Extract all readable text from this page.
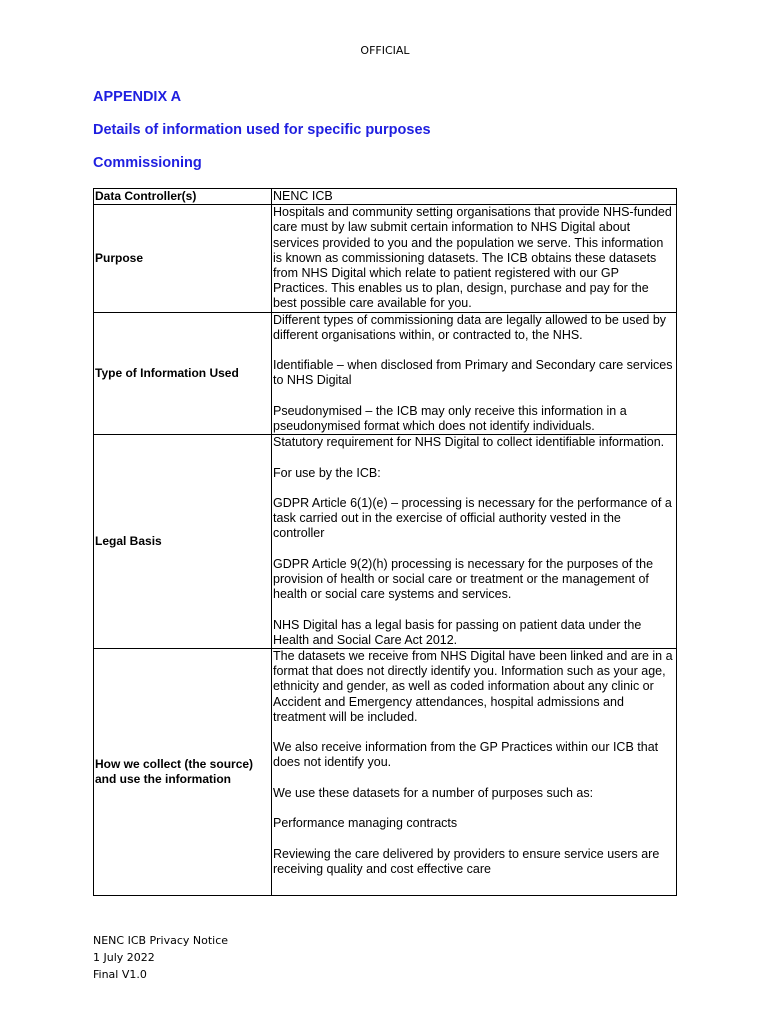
OFFICIAL
APPENDIX A
Details of information used for specific purposes
Commissioning
Data Controller(s)	NENC ICB
Purpose	Hospitals and community setting organisations that provide NHS-funded care must by law submit certain information to NHS Digital about services provided to you and the population we serve. This information is known as commissioning datasets. The ICB obtains these datasets from NHS Digital which relate to patient registered with our GP Practices. This enables us to plan, design, purchase and pay for the best possible care available for you.
Type of Information Used	Different types of commissioning data are legally allowed to be used by different organisations within, or contracted to, the NHS.

Identifiable – when disclosed from Primary and Secondary care services to NHS Digital

Pseudonymised – the ICB may only receive this information in a pseudonymised format which does not identify individuals.

Legal Basis	Statutory requirement for NHS Digital to collect identifiable information.

For use by the ICB:

GDPR Article 6(1)(e) – processing is necessary for the performance of a task carried out in the exercise of official authority vested in the controller

GDPR Article 9(2)(h) processing is necessary for the purposes of the provision of health or social care or treatment or the management of health or social care systems and services.

NHS Digital has a legal basis for passing on patient data under the Health and Social Care Act 2012.

How we collect (the source) and use the information	The datasets we receive from NHS Digital have been linked and are in a format that does not directly identify you. Information such as your age, ethnicity and gender, as well as coded information about any clinic or Accident and Emergency attendances, hospital admissions and treatment will be included.

We also receive information from the GP Practices within our ICB that does not identify you.

We use these datasets for a number of purposes such as:

Performance managing contracts

Reviewing the care delivered by providers to ensure service users are receiving quality and cost effective care

NENC ICB Privacy Notice
1 July 2022
Final V1.0
